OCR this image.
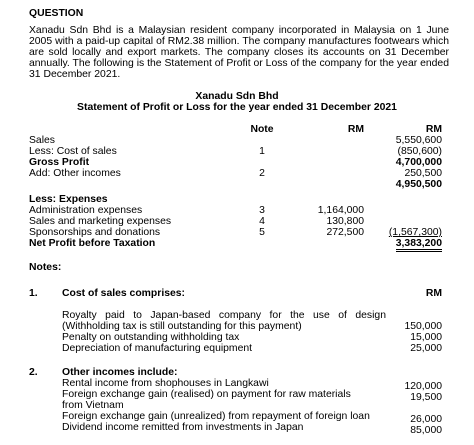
QUESTION
Xanadu Sdn Bhd is a Malaysian resident company incorporated in Malaysia on 1 June 2005 with a paid-up capital of RM2.38 million. The company manufactures footwears which are sold locally and export markets. The company closes its accounts on 31 December annually. The following is the Statement of Profit or Loss of the company for the year ended 31 December 2021.
Xanadu Sdn Bhd
Statement of Profit or Loss for the year ended 31 December 2021
Note	RM	RM
Sales	5,550,600
Less: Cost of sales	1	(850,600)
Gross Profit	4,700,000
Add: Other incomes	2	250,500
4,950,500
Less: Expenses
Administration expenses	3	1,164,000
Sales and marketing expenses	4	130,800
Sponsorships and donations	5	272,500	(1,567,300)
Net Profit before Taxation	3,383,200
Notes:
1. Cost of sales comprises:	RM
Royalty paid to Japan-based company for the use of design (Withholding tax is still outstanding for this payment)	150,000
Penalty on outstanding withholding tax	15,000
Depreciation of manufacturing equipment	25,000
2. Other incomes include:
Rental income from shophouses in Langkawi	120,000
Foreign exchange gain (realised) on payment for raw materials
from Vietnam
19,500
Foreign exchange gain (unrealized) from repayment of foreign loan	26,000
Dividend income remitted from investments in Japan	85,000
